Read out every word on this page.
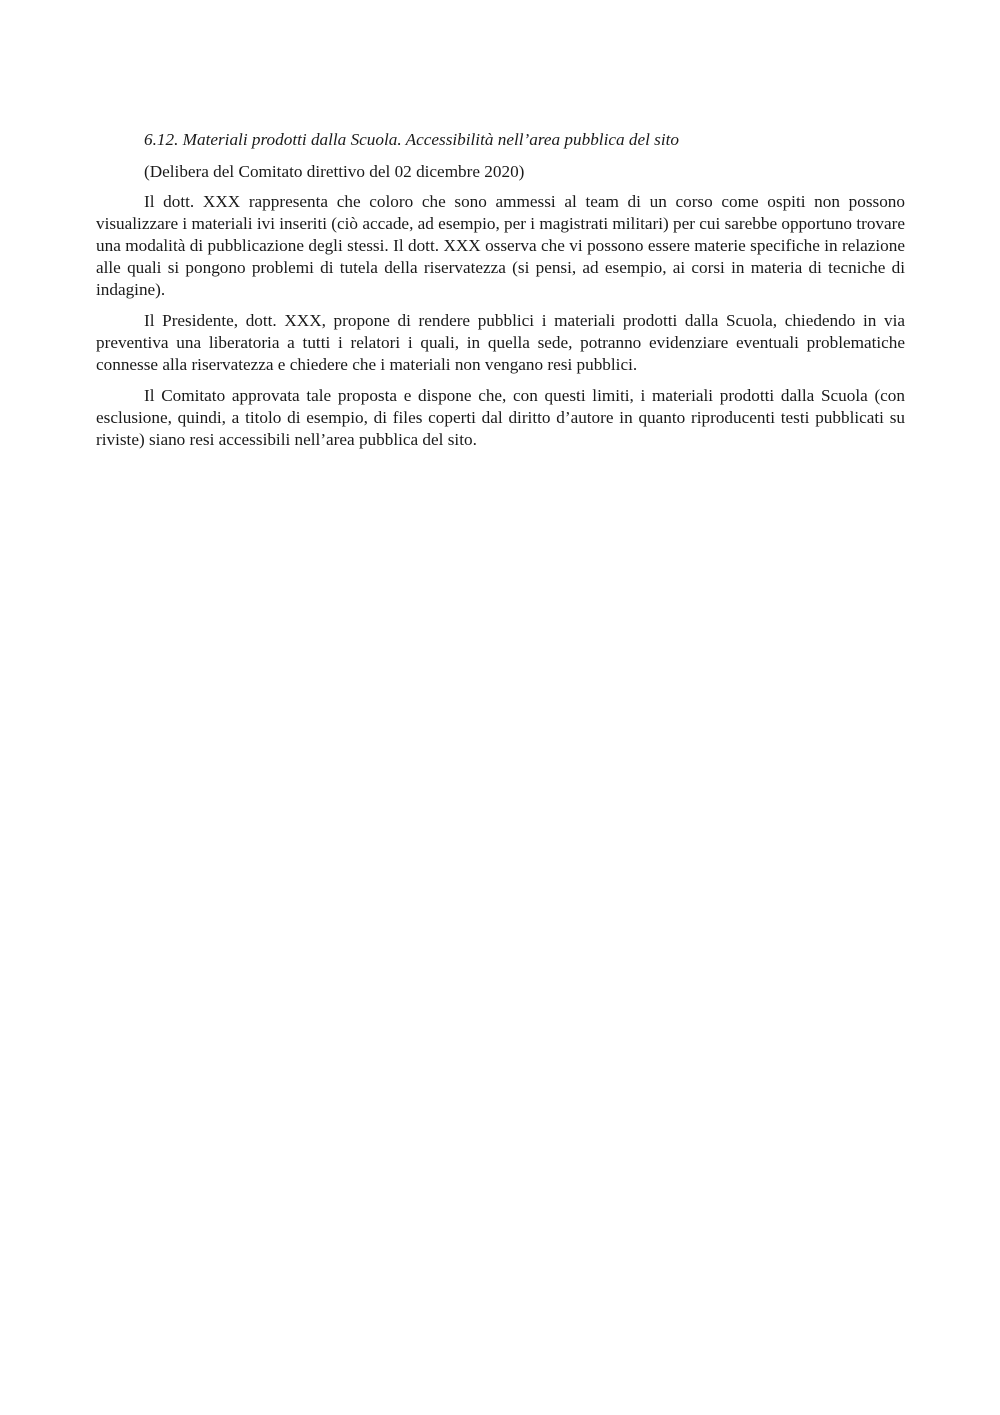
6.12. Materiali prodotti dalla Scuola. Accessibilità nell’area pubblica del sito

(Delibera del Comitato direttivo del 02 dicembre 2020)

Il dott. XXX rappresenta che coloro che sono ammessi al team di un corso come ospiti non possono visualizzare i materiali ivi inseriti (ciò accade, ad esempio, per i magistrati militari) per cui sarebbe opportuno trovare una modalità di pubblicazione degli stessi. Il dott. XXX osserva che vi possono essere materie specifiche in relazione alle quali si pongono problemi di tutela della riservatezza (si pensi, ad esempio, ai corsi in materia di tecniche di indagine).

Il Presidente, dott. XXX, propone di rendere pubblici i materiali prodotti dalla Scuola, chiedendo in via preventiva una liberatoria a tutti i relatori i quali, in quella sede, potranno evidenziare eventuali problematiche connesse alla riservatezza e chiedere che i materiali non vengano resi pubblici.

Il Comitato approvata tale proposta e dispone che, con questi limiti, i materiali prodotti dalla Scuola (con esclusione, quindi, a titolo di esempio, di files coperti dal diritto d’autore in quanto riproducenti testi pubblicati su riviste) siano resi accessibili nell’area pubblica del sito.
